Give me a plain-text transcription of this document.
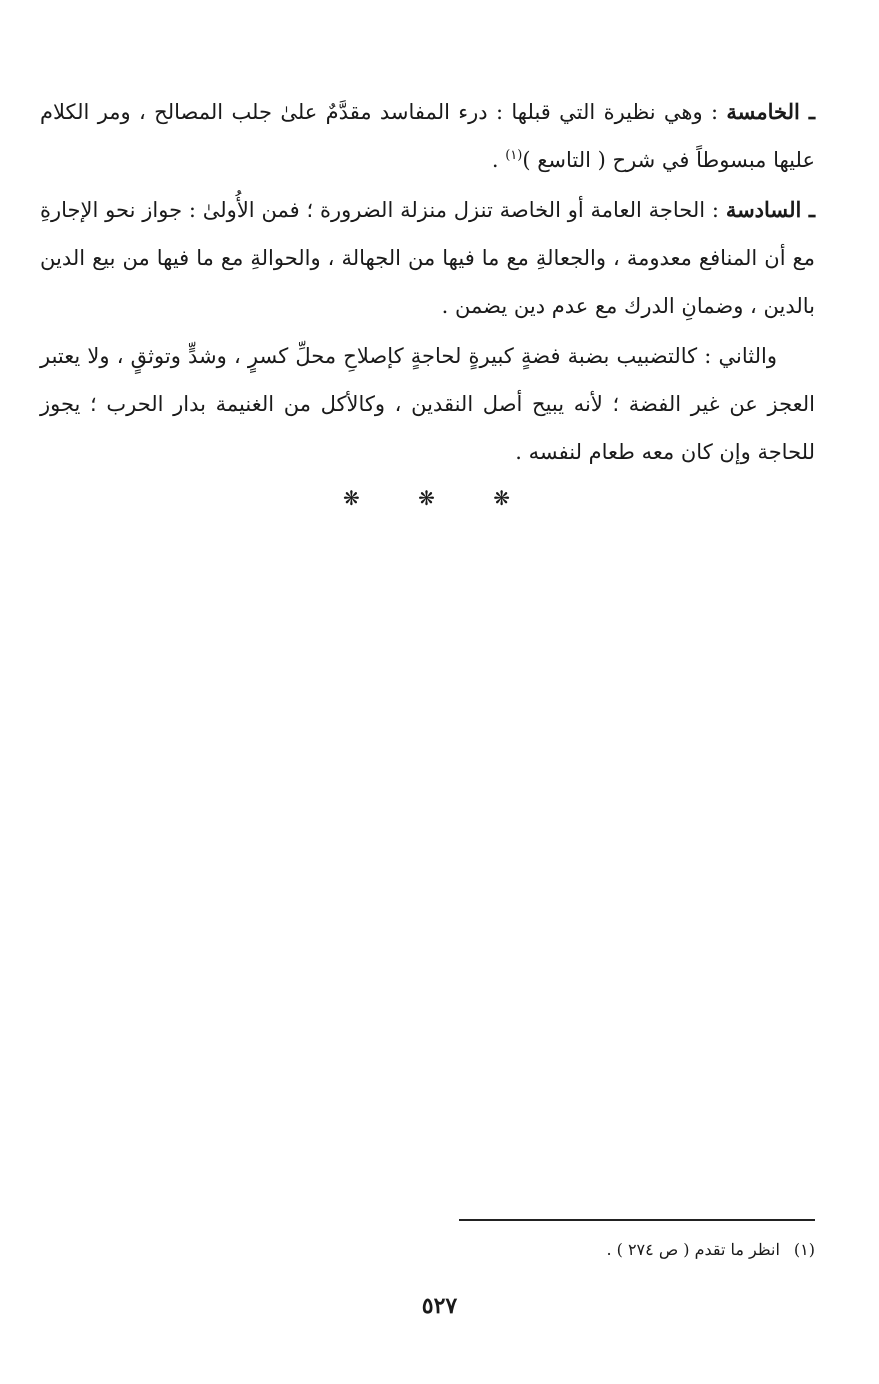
ـ الخامسة : وهي نظيرة التي قبلها : درء المفاسد مقدَّمٌ علىٰ جلب المصالح ، ومر الكلام عليها مبسوطاً في شرح ( التاسع )$^{(١)}$ .

ـ السادسة : الحاجة العامة أو الخاصة تنزل منزلة الضرورة ؛ فمن الأُولىٰ : جواز نحو الإجارةِ مع أن المنافع معدومة ، والجعالةِ مع ما فيها من الجهالة ، والحوالةِ مع ما فيها من بيع الدين بالدين ، وضمانِ الدرك مع عدم دين يضمن .

والثاني : كالتضبيب بضبة فضةٍ كبيرةٍ لحاجةٍ كإصلاحِ محلِّ كسرٍ ، وشدٍّ وتوثقٍ ، ولا يعتبر العجز عن غير الفضة ؛ لأنه يبيح أصل النقدين ، وكالأكل من الغنيمة بدار الحرب ؛ يجوز للحاجة وإن كان معه طعام لنفسه .

❋ ❋ ❋
(١)انظر ما تقدم ( ص ٢٧٤ ) .
٥٢٧
